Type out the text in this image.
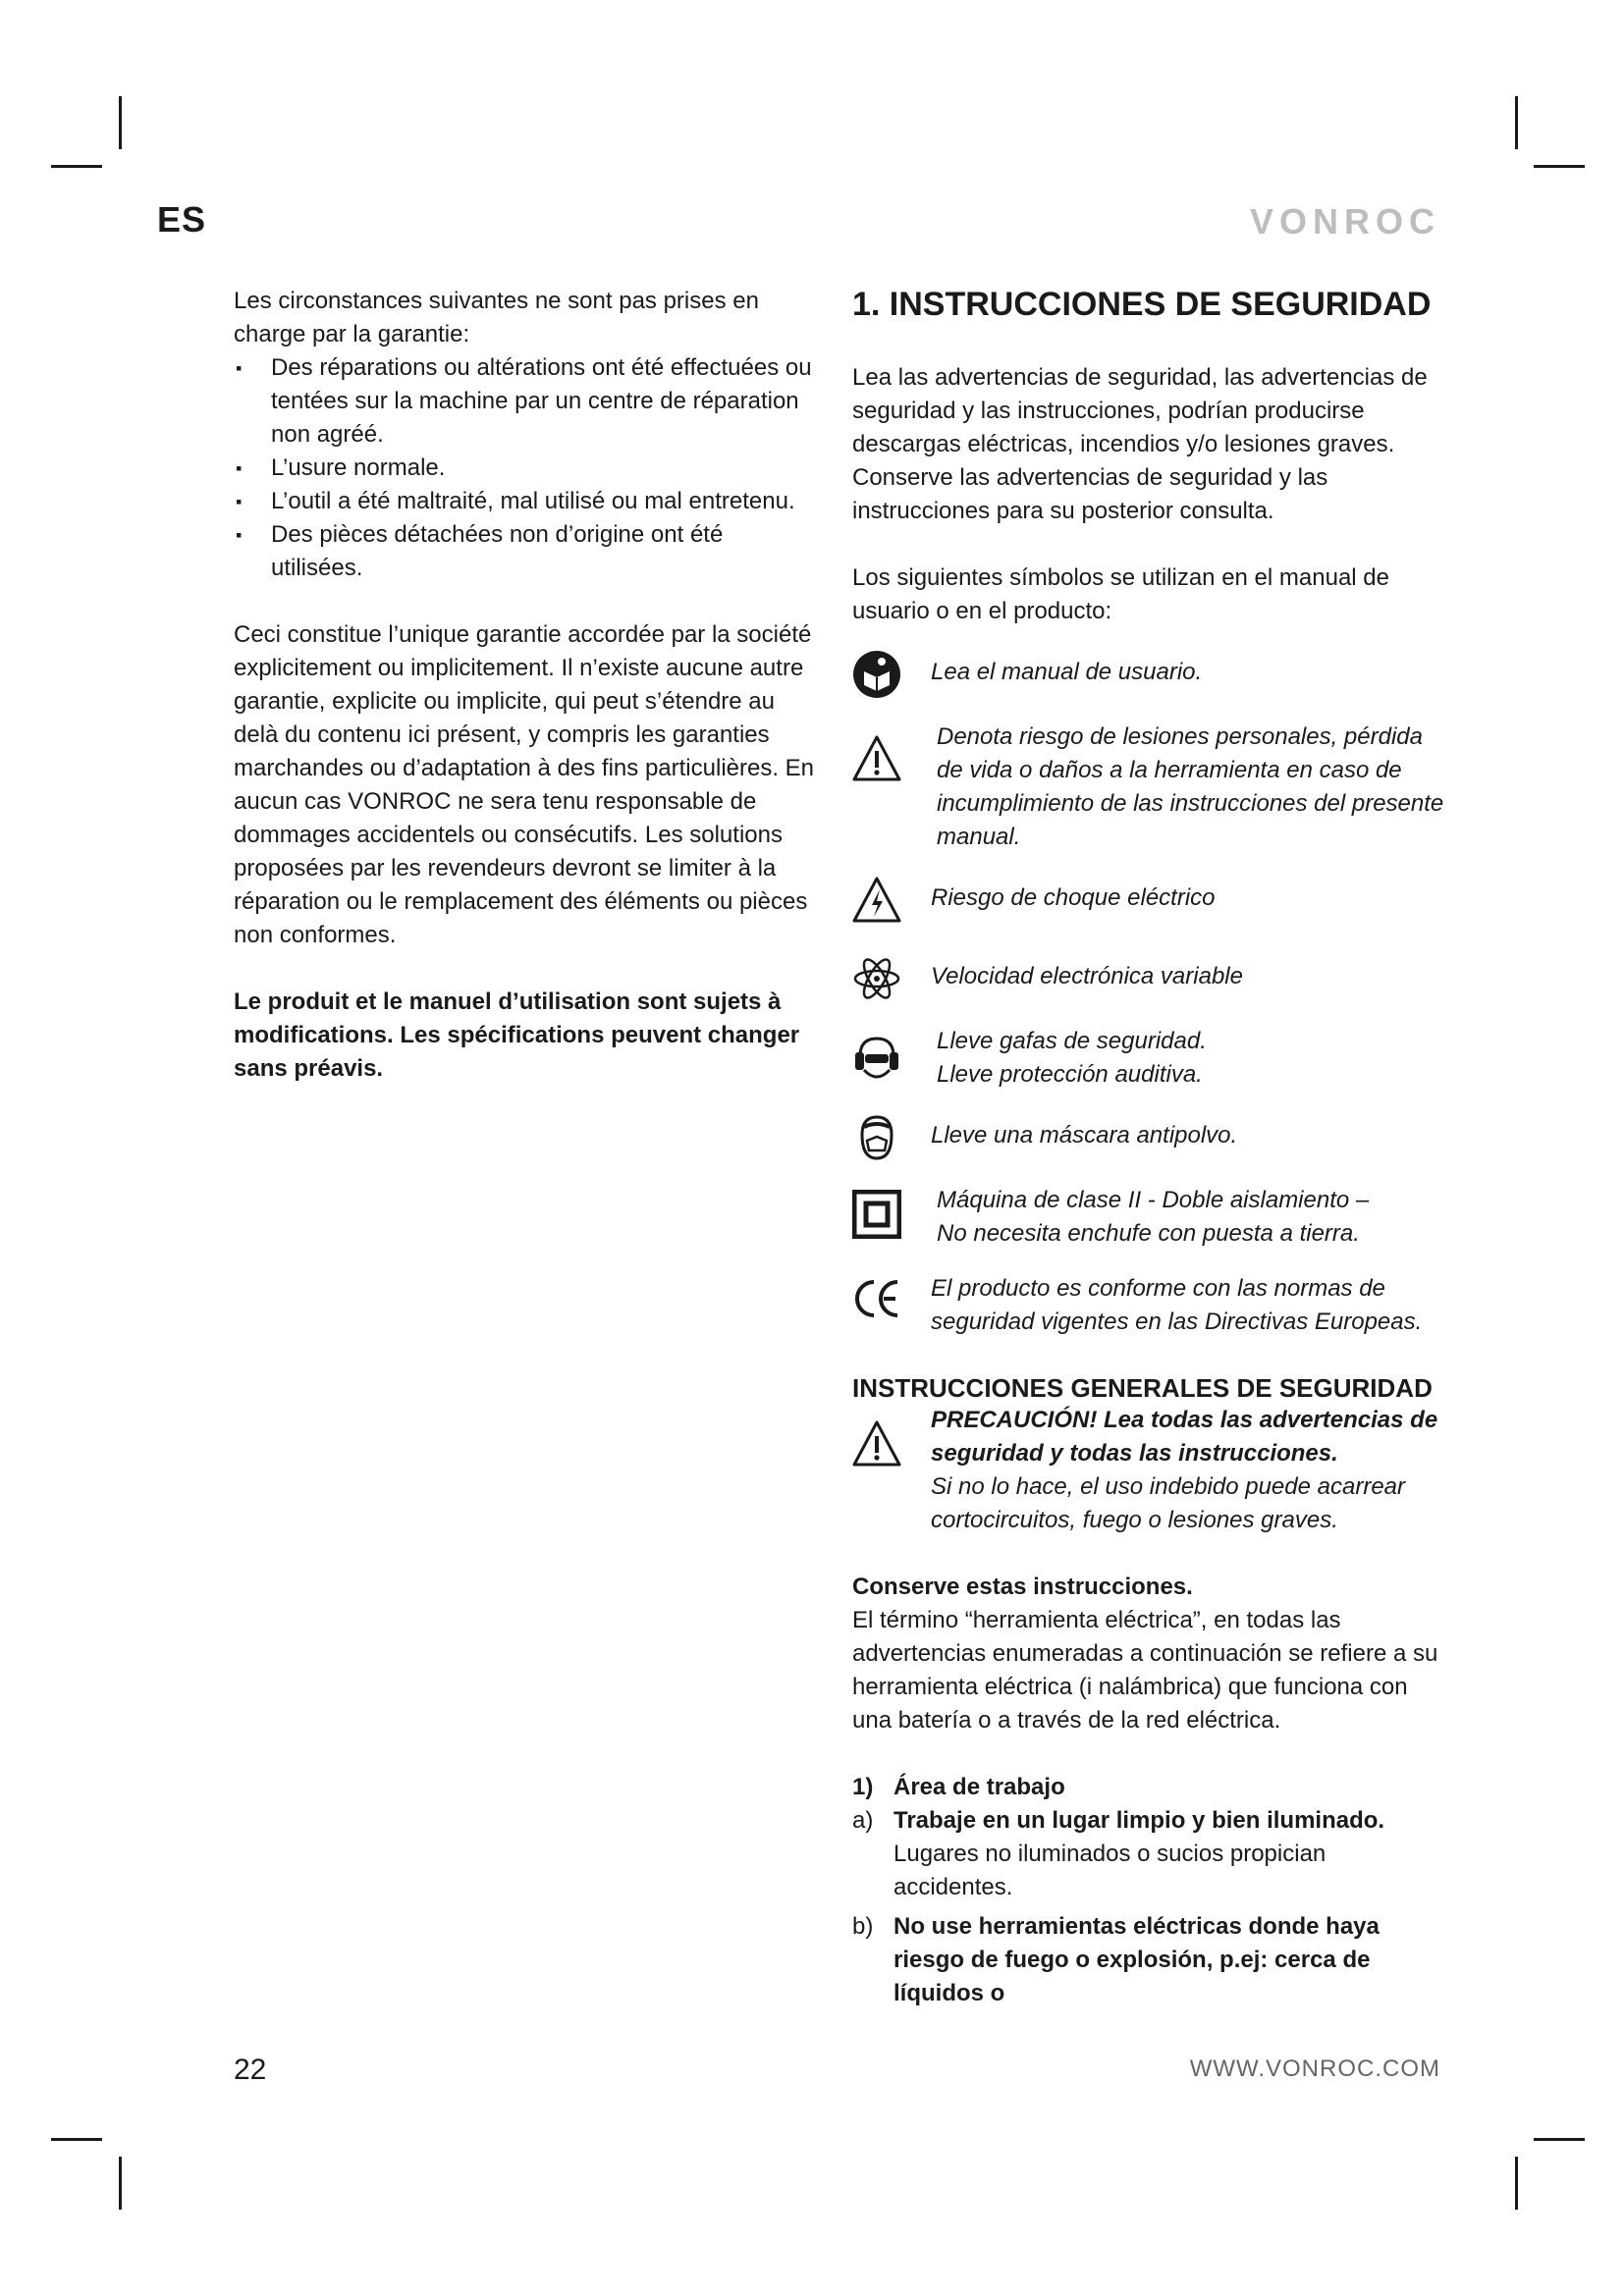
ES	VONROC

Les circonstances suivantes ne sont pas prises en charge par la garantie:

▪ Des réparations ou altérations ont été effectuées ou tentées sur la machine par un centre de réparation non agréé.
▪ L’usure normale.
▪ L’outil a été maltraité, mal utilisé ou mal entretenu.
▪ Des pièces détachées non d’origine ont été utilisées.

Ceci constitue l’unique garantie accordée par la société explicitement ou implicitement. Il n’existe aucune autre garantie, explicite ou implicite, qui peut s’étendre au delà du contenu ici présent, y compris les garanties marchandes ou d’adaptation à des fins particulières. En aucun cas VONROC ne sera tenu responsable de dommages accidentels ou consécutifs. Les solutions proposées par les revendeurs devront se limiter à la réparation ou le remplacement des éléments ou pièces non conformes.

Le produit et le manuel d’utilisation sont sujets à modifications. Les spécifications peuvent changer sans préavis.

1. INSTRUCCIONES DE SEGURIDAD

Lea las advertencias de seguridad, las advertencias de seguridad y las instrucciones, podrían producirse descargas eléctricas, incendios y/o lesiones graves. Conserve las advertencias de seguridad y las instrucciones para su posterior consulta.

Los siguientes símbolos se utilizan en el manual de usuario o en el producto:

Lea el manual de usuario.
Denota riesgo de lesiones personales, pérdida de vida o daños a la herramienta en caso de incumplimiento de las instrucciones del presente manual.
Riesgo de choque eléctrico
Velocidad electrónica variable
Lleve gafas de seguridad.
Lleve protección auditiva.
Lleve una máscara antipolvo.
Máquina de clase II - Doble aislamiento –
No necesita enchufe con puesta a tierra.
El producto es conforme con las normas de seguridad vigentes en las Directivas Europeas.
INSTRUCCIONES GENERALES DE SEGURIDAD
PRECAUCIÓN! Lea todas las advertencias de seguridad y todas las instrucciones.
Si no lo hace, el uso indebido puede acarrear cortocircuitos, fuego o lesiones graves.

Conserve estas instrucciones.

El término “herramienta eléctrica”, en todas las advertencias enumeradas a continuación se refiere a su herramienta eléctrica (i nalámbrica) que funciona con una batería o a través de la red eléctrica.

1) Área de trabajo
a) Trabaje en un lugar limpio y bien iluminado. Lugares no iluminados o sucios propician accidentes.
b) No use herramientas eléctricas donde haya riesgo de fuego o explosión, p.ej: cerca de líquidos o
22	WWW.VONROC.COM
